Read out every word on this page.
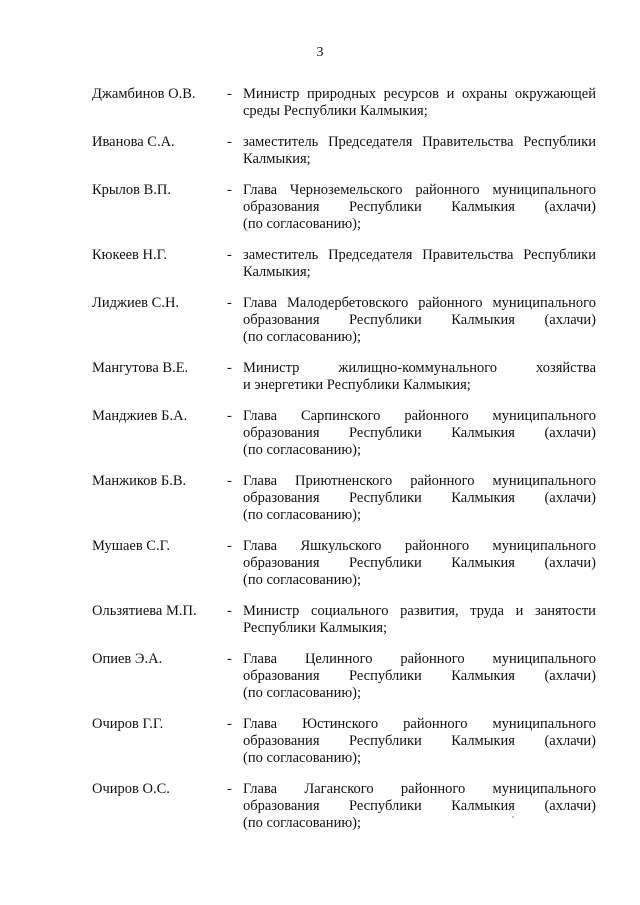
3
Джамбинов О.В. - Министр природных ресурсов и охраны окружающей
среды Республики Калмыкия;
Иванова С.А.	- заместитель Председателя Правительства Республики
Калмыкия;
Крылов В.П.	- Глава Черноземельского районного муниципального
образования Республики Калмыкия (ахлачи)
(по согласованию);
Кюкеев Н.Г.	- заместитель Председателя Правительства Республики
Калмыкия;
Лиджиев С.Н.	- Глава Малодербетовского районного муниципального
образования Республики Калмыкия (ахлачи)
(по согласованию);
Мангутова В.Е.	- Министр	жилищно-коммунального	хозяйства
и энергетики Республики Калмыкия;
Манджиев Б.А.	- Глава Сарпинского районного муниципального
образования Республики Калмыкия (ахлачи)
(по согласованию);
Манжиков Б.В.	- Глава Приютненского районного муниципального
образования Республики Калмыкия (ахлачи)
(по согласованию);
Мушаев С.Г.	- Глава Яшкульского районного муниципального
образования Республики Калмыкия (ахлачи)
(по согласованию);
Ользятиева М.П. - Министр социального развития, труда и занятости
Республики Калмыкия;
Опиев Э.А.	- Глава Целинного районного муниципального
образования Республики Калмыкия (ахлачи)
(по согласованию);
Очиров Г.Г.	- Глава Юстинского районного муниципального
образования Республики Калмыкия (ахлачи)
(по согласованию);
Очиров О.С.	- Глава Лаганского районного муниципального
образования Республики Калмыкия (ахлачи)
(по согласованию);
